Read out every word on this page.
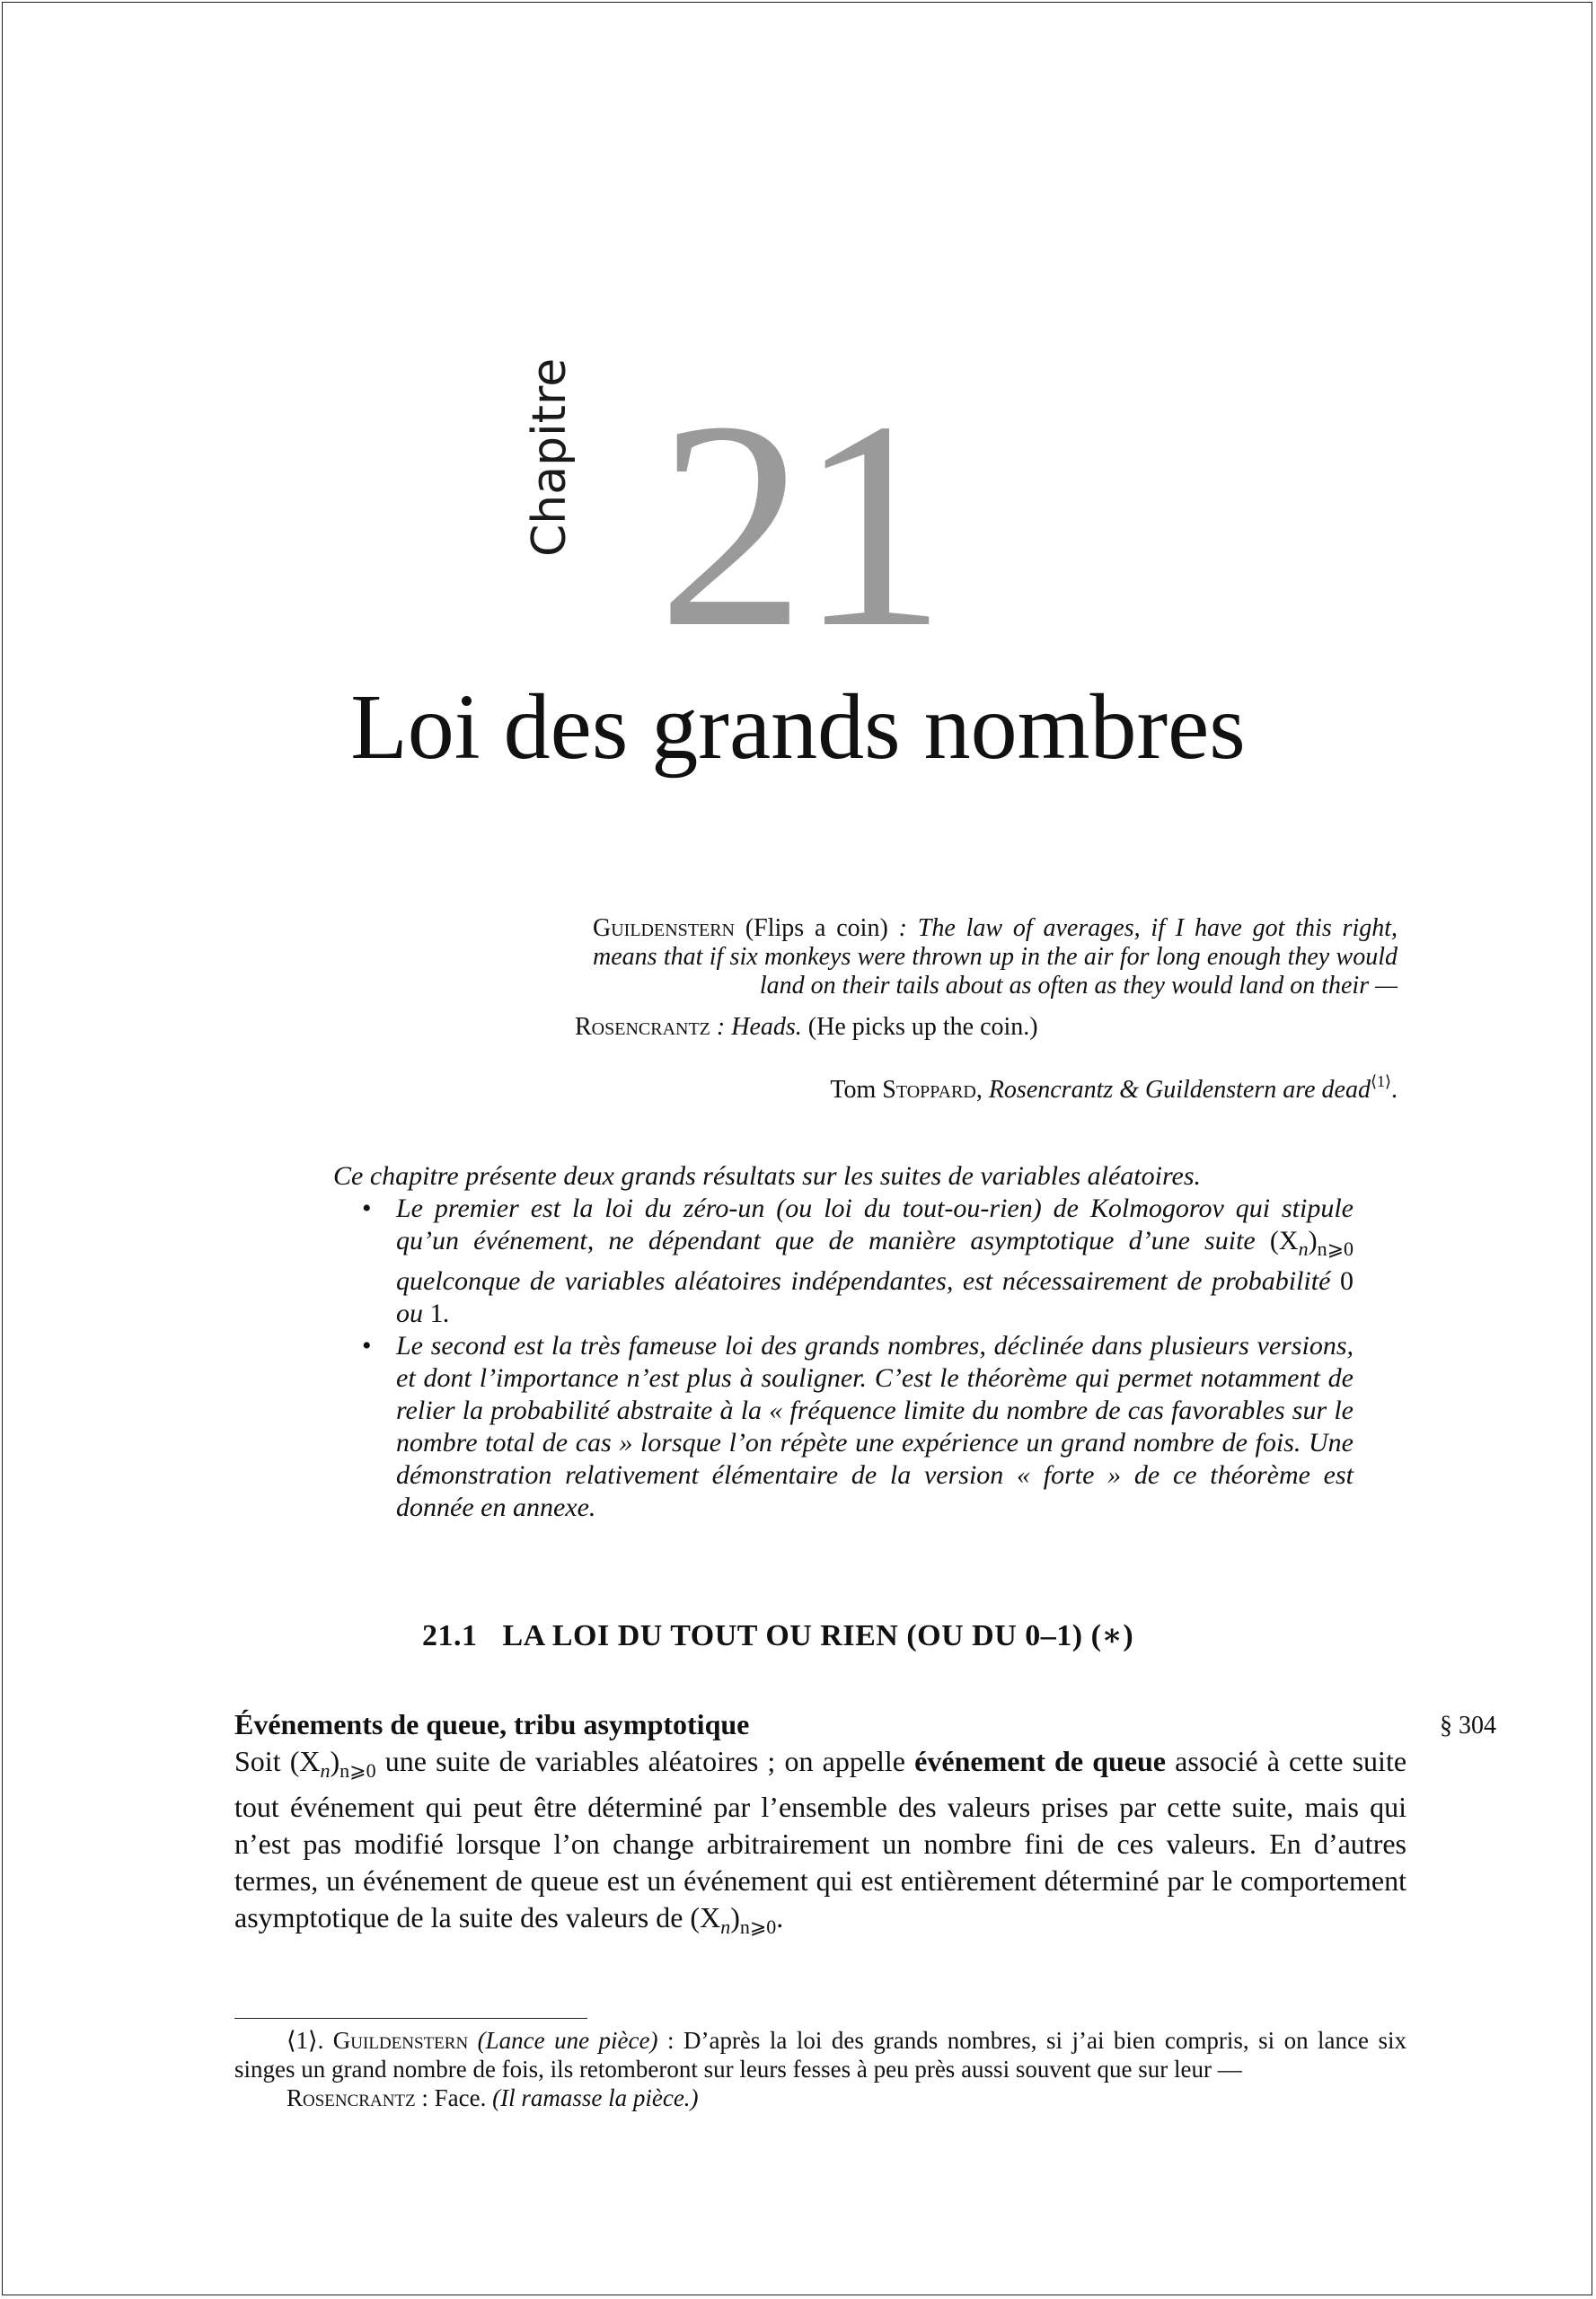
Chapitre 21
Loi des grands nombres
Guildenstern (Flips a coin) : The law of averages, if I have got this right, means that if six monkeys were thrown up in the air for long enough they would land on their tails about as often as they would land on their —
Rosencrantz : Heads. (He picks up the coin.)
Tom Stoppard, Rosencrantz & Guildenstern are dead$^{⟨1⟩}$.
Ce chapitre présente deux grands résultats sur les suites de variables aléatoires.
• Le premier est la loi du zéro-un (ou loi du tout-ou-rien) de Kolmogorov qui stipule qu’un événement, ne dépendant que de manière asymptotique d’une suite $(X_n)_{n⩾0}$ quelconque de variables aléatoires indépendantes, est nécessairement de probabilité 0 ou 1.
• Le second est la très fameuse loi des grands nombres, déclinée dans plusieurs versions, et dont l’importance n’est plus à souligner. C’est le théorème qui permet notamment de relier la probabilité abstraite à la « fréquence limite du nombre de cas favorables sur le nombre total de cas » lorsque l’on répète une expérience un grand nombre de fois. Une démonstration relativement élémentaire de la version « forte » de ce théorème est donnée en annexe.
21.1 LA LOI DU TOUT OU RIEN (OU DU 0–1) (∗)
§ 304
Événements de queue, tribu asymptotique
Soit $(X_n)_{n⩾0}$ une suite de variables aléatoires ; on appelle événement de queue associé à cette suite tout événement qui peut être déterminé par l’ensemble des valeurs prises par cette suite, mais qui n’est pas modifié lorsque l’on change arbitrairement un nombre fini de ces valeurs. En d’autres termes, un événement de queue est un événement qui est entièrement déterminé par le comportement asymptotique de la suite des valeurs de $(X_n)_{n⩾0}$.
⟨1⟩. Guildenstern (Lance une pièce) : D’après la loi des grands nombres, si j’ai bien compris, si on lance six singes un grand nombre de fois, ils retomberont sur leurs fesses à peu près aussi souvent que sur leur —
Rosencrantz : Face. (Il ramasse la pièce.)
